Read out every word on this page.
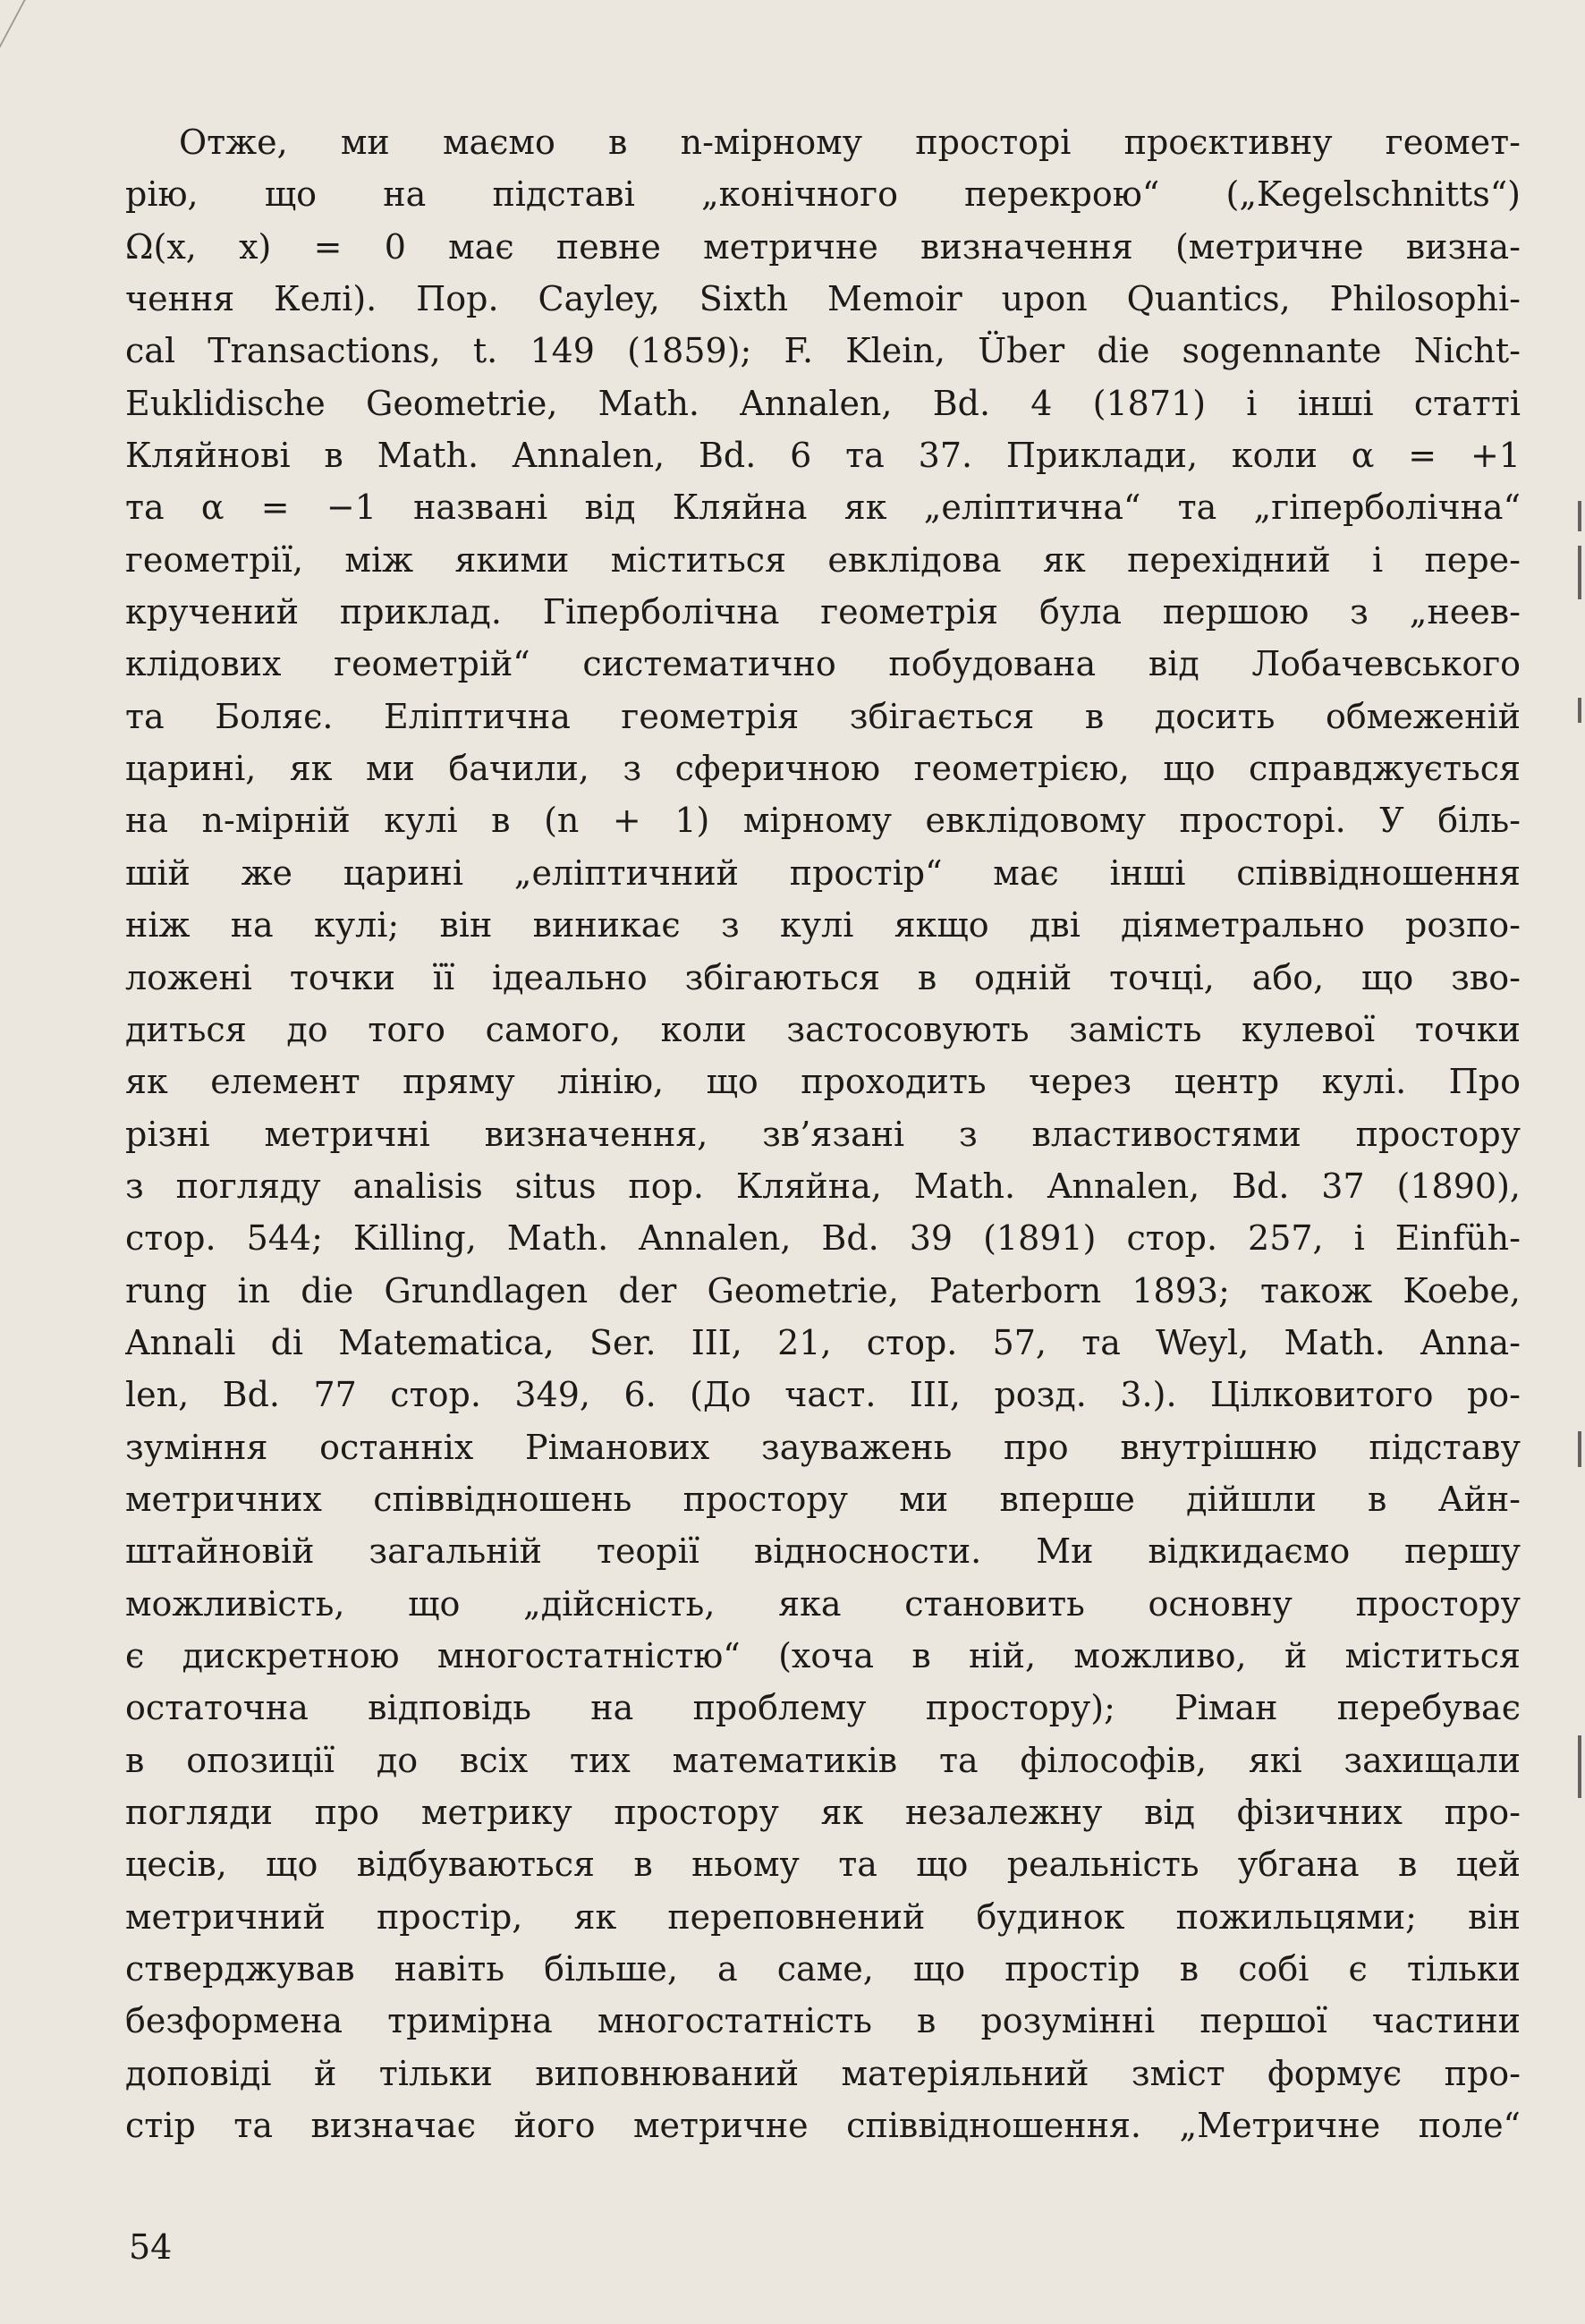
Отже, ми маємо в n-мірному просторі проєктивну геомет-
рію, що на підставі „конічного перекрою“ („Kegelschnitts“)
Ω(x, x) = 0 має певне метричне визначення (метричне визна-
чення Келі). Пор. Cayley, Sixth Memoir upon Quantics, Philosophi-
cal Transactions, t. 149 (1859); F. Klein, Über die sogennante Nicht-
Euklidische Geometrie, Math. Annalen, Bd. 4 (1871) і інші статті
Кляйнові в Math. Annalen, Bd. 6 та 37. Приклади, коли α = +1
та α = −1 названі від Кляйна як „еліптична“ та „гіперболічна“
геометрії, між якими міститься евклідова як перехідний і пере-
кручений приклад. Гіперболічна геометрія була першою з „неев-
клідових геометрій“ систематично побудована від Лобачевського
та Боляє. Еліптична геометрія збігається в досить обмеженій
царині, як ми бачили, з сферичною геометрією, що справджується
на n-мірній кулі в (n + 1) мірному евклідовому просторі. У біль-
шій же царині „еліптичний простір“ має інші співвідношення
ніж на кулі; він виникає з кулі якщо дві діяметрально розпо-
ложені точки її ідеально збігаються в одній точці, або, що зво-
диться до того самого, коли застосовують замість кулевої точки
як елемент пряму лінію, що проходить через центр кулі. Про
різні метричні визначення, зв’язані з властивостями простору
з погляду analisis situs пор. Кляйна, Math. Annalen, Bd. 37 (1890),
стор. 544; Killing, Math. Annalen, Bd. 39 (1891) стор. 257, і Einfüh-
rung in die Grundlagen der Geometrie, Paterborn 1893; також Koebe,
Annali di Matematica, Ser. III, 21, стор. 57, та Weyl, Math. Anna-
len, Bd. 77 стор. 349, 6. (До част. III, розд. 3.). Цілковитого ро-
зуміння останніх Ріманових зауважень про внутрішню підставу
метричних співвідношень простору ми вперше дійшли в Айн-
штайновій загальній теорії відносности. Ми відкидаємо першу
можливість, що „дійсність, яка становить основну простору
є дискретною многостатністю“ (хоча в ній, можливо, й міститься
остаточна відповідь на проблему простору); Ріман перебуває
в опозиції до всіх тих математиків та філософів, які захищали
погляди про метрику простору як незалежну від фізичних про-
цесів, що відбуваються в ньому та що реальність убгана в цей
метричний простір, як переповнений будинок пожильцями; він
стверджував навіть більше, а саме, що простір в собі є тільки
безформена тримірна многостатність в розумінні першої частини
доповіді й тільки виповнюваний матеріяльний зміст формує про-
стір та визначає його метричне співвідношення. „Метричне поле“
54
